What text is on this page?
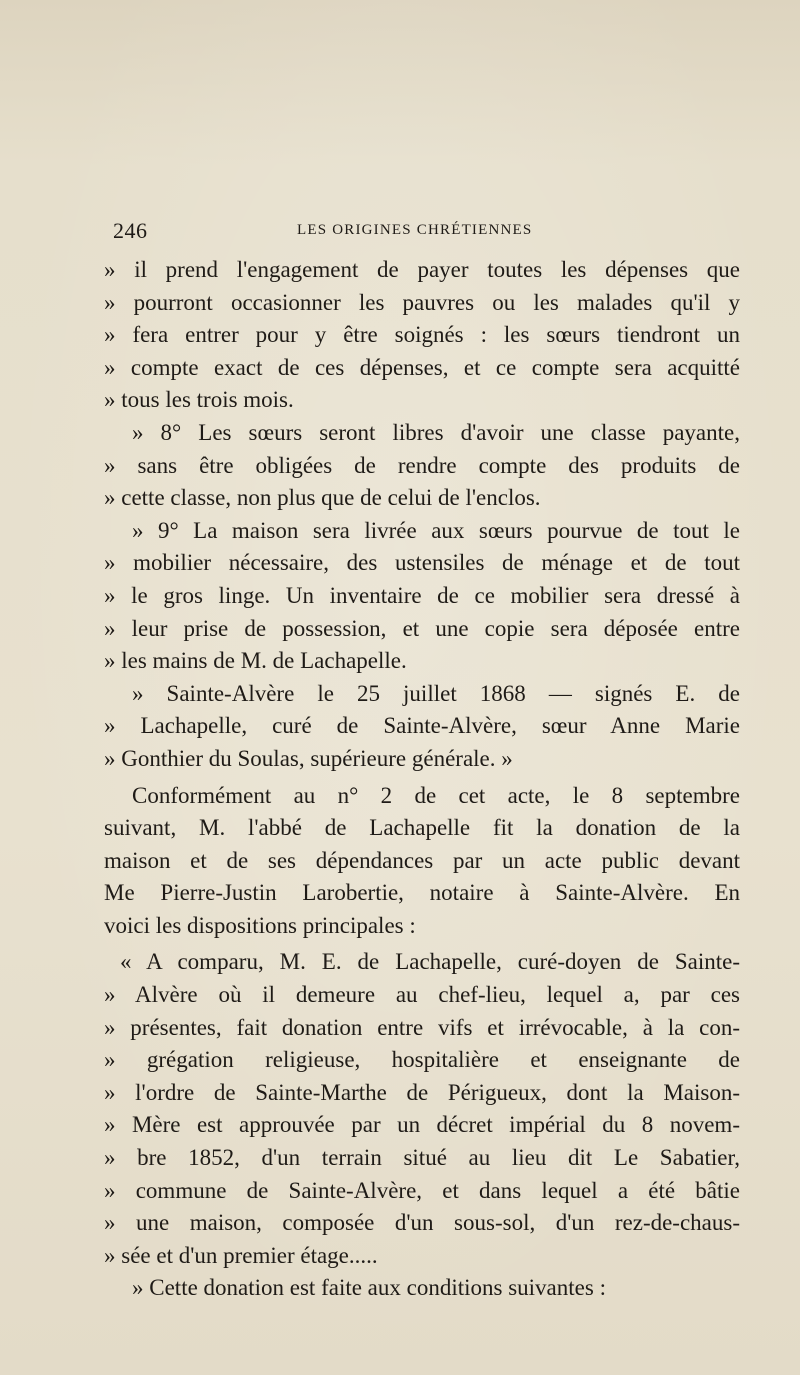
246	LES ORIGINES CHRÉTIENNES
» il prend l'engagement de payer toutes les dépenses que
» pourront occasionner les pauvres ou les malades qu'il y
» fera entrer pour y être soignés : les sœurs tiendront un
» compte exact de ces dépenses, et ce compte sera acquitté
» tous les trois mois.
» 8° Les sœurs seront libres d'avoir une classe payante,
» sans être obligées de rendre compte des produits de
» cette classe, non plus que de celui de l'enclos.
» 9° La maison sera livrée aux sœurs pourvue de tout le
» mobilier nécessaire, des ustensiles de ménage et de tout
» le gros linge. Un inventaire de ce mobilier sera dressé à
» leur prise de possession, et une copie sera déposée entre
» les mains de M. de Lachapelle.
» Sainte-Alvère le 25 juillet 1868 — signés E. de
» Lachapelle, curé de Sainte-Alvère, sœur Anne Marie
» Gonthier du Soulas, supérieure générale. »
Conformément au n° 2 de cet acte, le 8 septembre
suivant, M. l'abbé de Lachapelle fit la donation de la
maison et de ses dépendances par un acte public devant
Me Pierre-Justin Larobertie, notaire à Sainte-Alvère. En
voici les dispositions principales :
« A comparu, M. E. de Lachapelle, curé-doyen de Sainte-
» Alvère où il demeure au chef-lieu, lequel a, par ces
» présentes, fait donation entre vifs et irrévocable, à la con-
» grégation religieuse, hospitalière et enseignante de
» l'ordre de Sainte-Marthe de Périgueux, dont la Maison-
» Mère est approuvée par un décret impérial du 8 novem-
» bre 1852, d'un terrain situé au lieu dit Le Sabatier,
» commune de Sainte-Alvère, et dans lequel a été bâtie
» une maison, composée d'un sous-sol, d'un rez-de-chaus-
» sée et d'un premier étage.....
» Cette donation est faite aux conditions suivantes :
